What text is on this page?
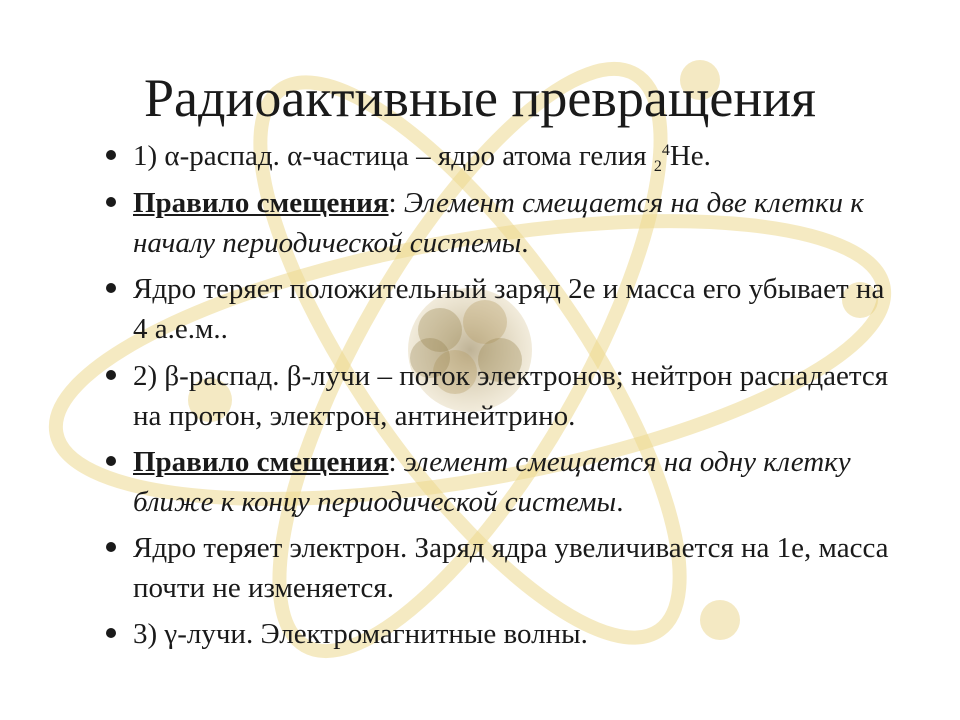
Радиоактивные превращения
1) α-распад. α-частица – ядро атома гелия $_2^4$He.
Правило смещения: Элемент смещается на две клетки к началу периодической системы.
Ядро теряет положительный заряд 2е и масса его убывает на 4 а.е.м..
2) β-распад. β-лучи – поток электронов; нейтрон распадается на протон, электрон, антинейтрино.
Правило смещения: элемент смещается на одну клетку ближе к концу периодической системы.
Ядро теряет электрон. Заряд ядра увеличивается на 1е, масса почти не изменяется.
3) γ-лучи. Электромагнитные волны.
